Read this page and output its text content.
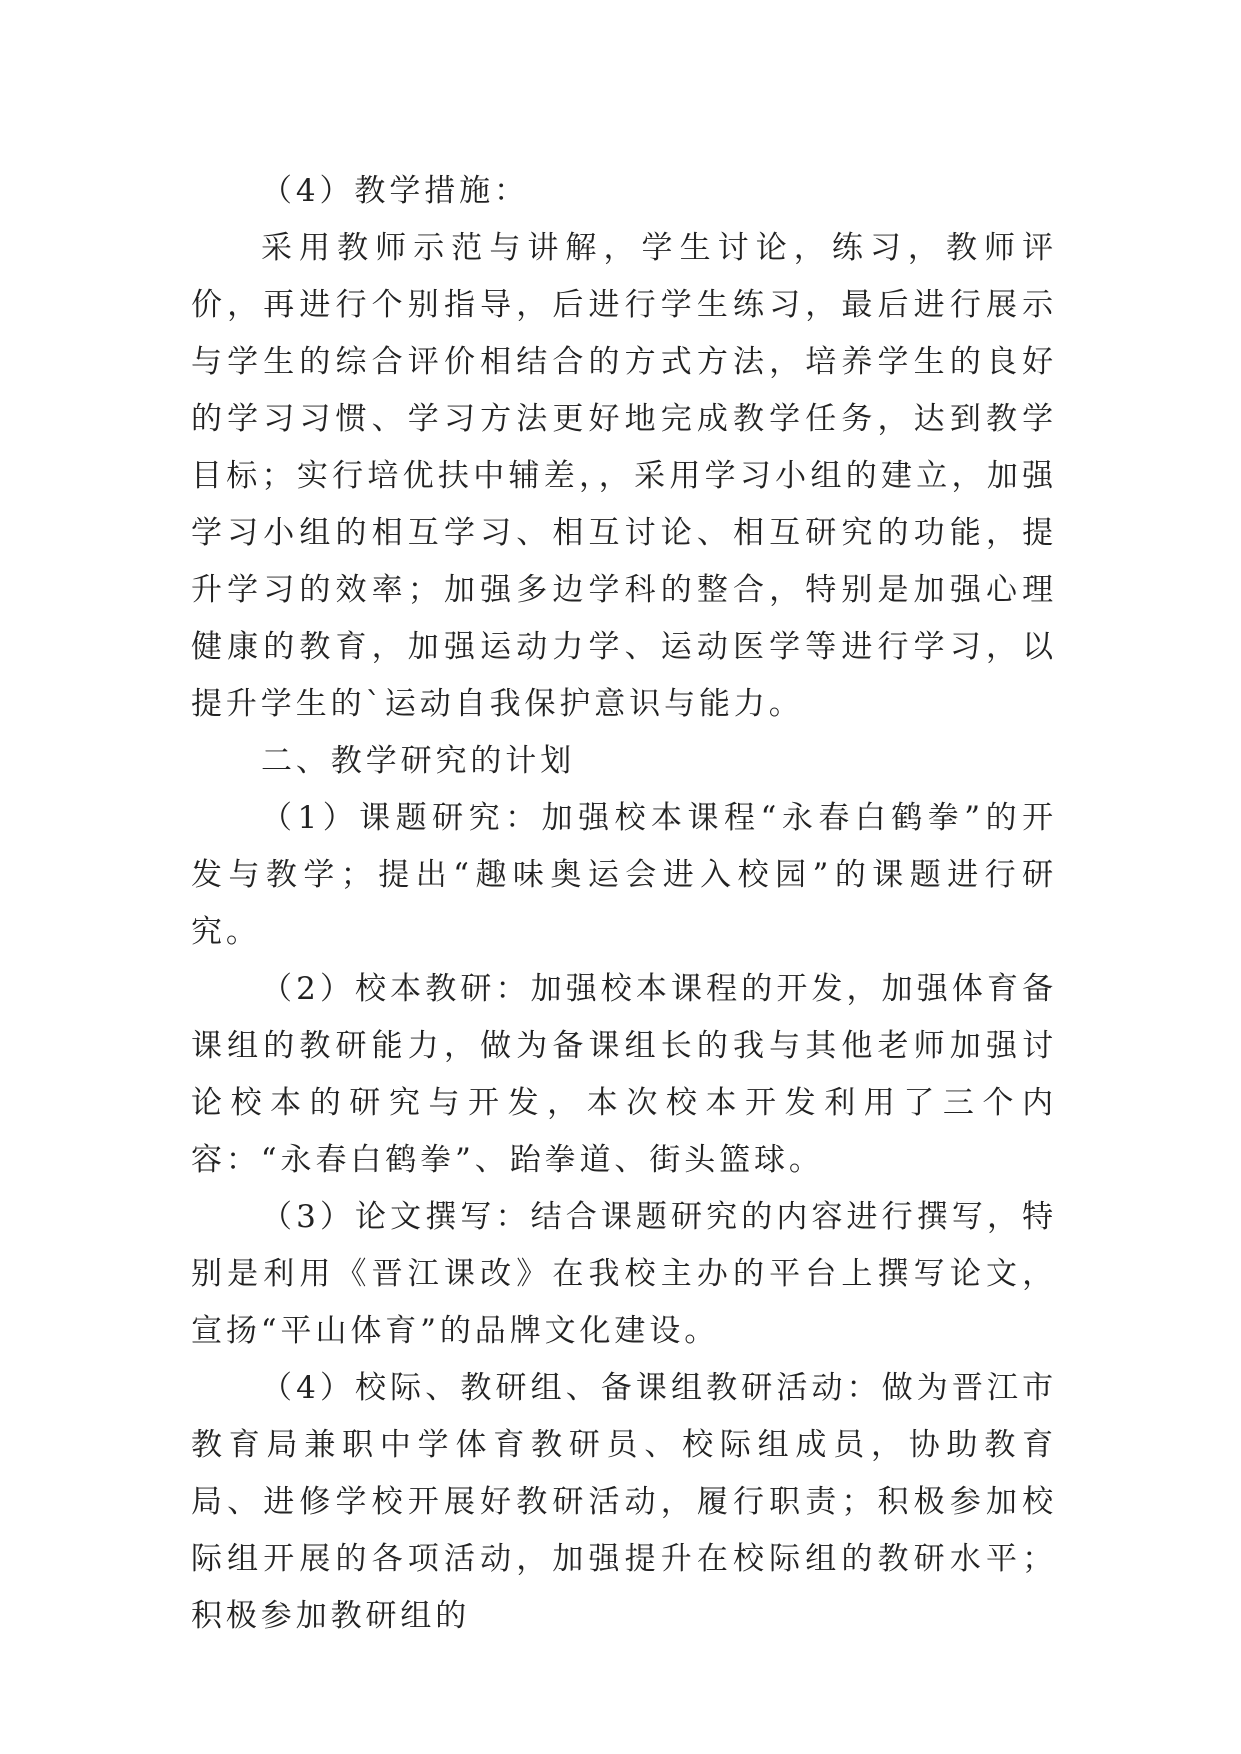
（4）教学措施：

采用教师示范与讲解，学生讨论，练习，教师评价，再进行个别指导，后进行学生练习，最后进行展示与学生的综合评价相结合的方式方法，培养学生的良好的学习习惯、学习方法更好地完成教学任务，达到教学目标；实行培优扶中辅差，，采用学习小组的建立，加强学习小组的相互学习、相互讨论、相互研究的功能，提升学习的效率；加强多边学科的整合，特别是加强心理健康的教育，加强运动力学、运动医学等进行学习，以提升学生的`运动自我保护意识与能力。

二、教学研究的计划

（1）课题研究：加强校本课程“永春白鹤拳”的开发与教学；提出“趣味奥运会进入校园”的课题进行研究。

（2）校本教研：加强校本课程的开发，加强体育备课组的教研能力，做为备课组长的我与其他老师加强讨论校本的研究与开发，本次校本开发利用了三个内容：“永春白鹤拳”、跆拳道、街头篮球。

（3）论文撰写：结合课题研究的内容进行撰写，特别是利用《晋江课改》在我校主办的平台上撰写论文，宣扬“平山体育”的品牌文化建设。

（4）校际、教研组、备课组教研活动：做为晋江市教育局兼职中学体育教研员、校际组成员，协助教育局、进修学校开展好教研活动，履行职责；积极参加校际组开展的各项活动，加强提升在校际组的教研水平；积极参加教研组的
